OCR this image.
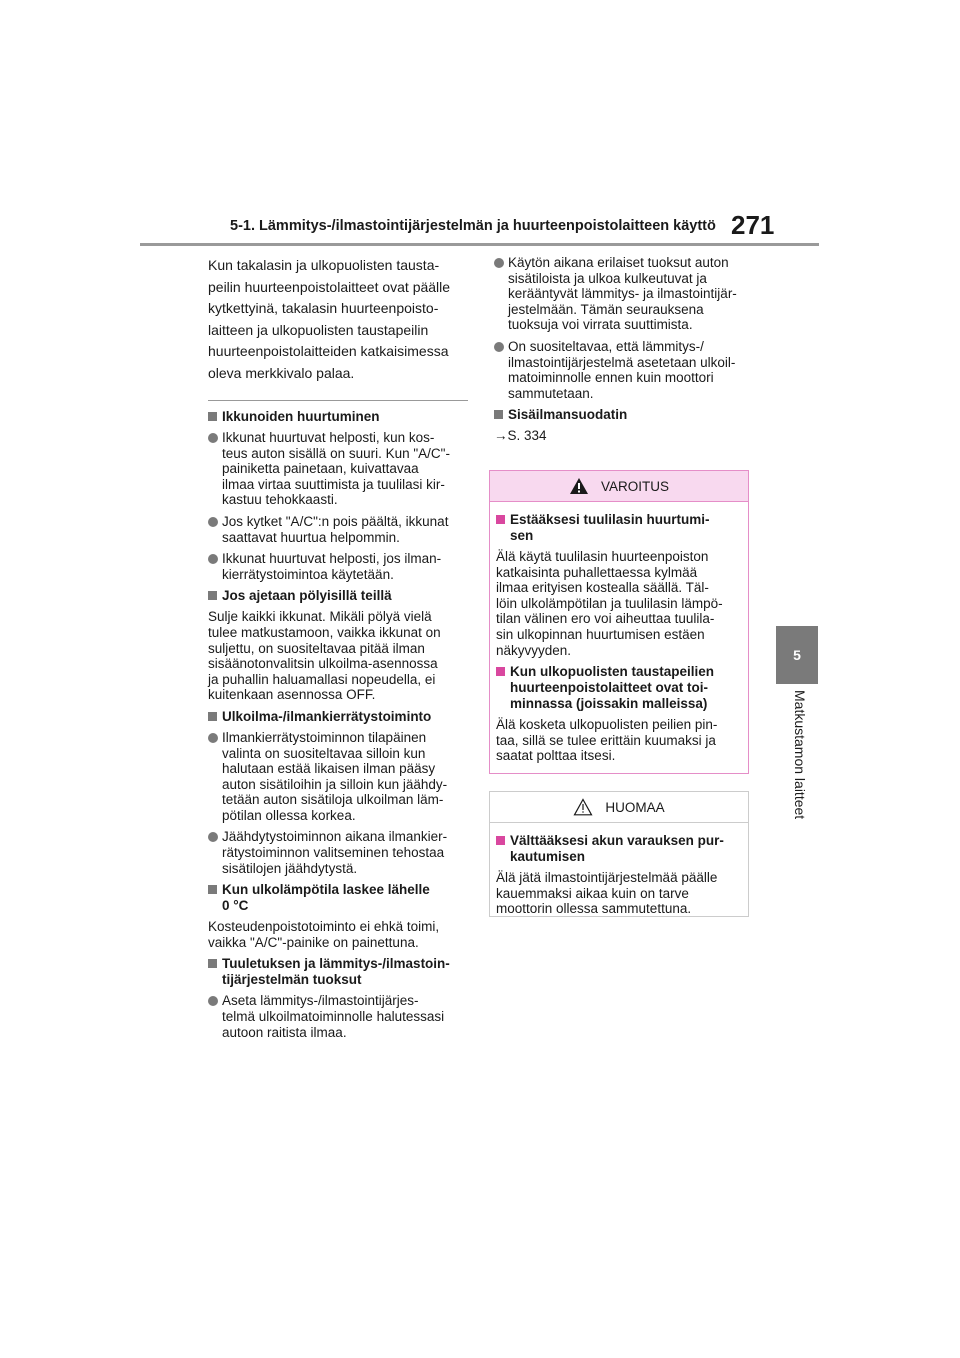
5-1. Lämmitys-/ilmastointijärjestelmän ja huurteenpoistolaitteen käyttö 271
5
Matkustamon laitteet
Kun takalasin ja ulkopuolisten tausta-
peilin huurteenpoistolaitteet ovat päälle
kytkettyinä, takalasin huurteenpoisto-
laitteen ja ulkopuolisten taustapeilin
huurteenpoistolaitteiden katkaisimessa
oleva merkkivalo palaa.
Ikkunoiden huurtuminen
Ikkunat huurtuvat helposti, kun kos-
teus auton sisällä on suuri. Kun "A/C"-
painiketta painetaan, kuivattavaa
ilmaa virtaa suuttimista ja tuulilasi kir-
kastuu tehokkaasti.
Jos kytket "A/C":n pois päältä, ikkunat
saattavat huurtua helpommin.
Ikkunat huurtuvat helposti, jos ilman-
kierrätystoimintoa käytetään.
Jos ajetaan pölyisillä teillä
Sulje kaikki ikkunat. Mikäli pölyä vielä
tulee matkustamoon, vaikka ikkunat on
suljettu, on suositeltavaa pitää ilman
sisäänotonvalitsin ulkoilma-asennossa
ja puhallin haluamallasi nopeudella, ei
kuitenkaan asennossa OFF.
Ulkoilma-/ilmankierrätystoiminto
Ilmankierrätystoiminnon tilapäinen
valinta on suositeltavaa silloin kun
halutaan estää likaisen ilman pääsy
auton sisätiloihin ja silloin kun jäähdy-
tetään auton sisätiloja ulkoilman läm-
pötilan ollessa korkea.
Jäähdytystoiminnon aikana ilmankier-
rätystoiminnon valitseminen tehostaa
sisätilojen jäähdytystä.
Kun ulkolämpötila laskee lähelle
0 °C
Kosteudenpoistotoiminto ei ehkä toimi,
vaikka "A/C"-painike on painettuna.
Tuuletuksen ja lämmitys-/ilmastoin-
tijärjestelmän tuoksut
Aseta lämmitys-/ilmastointijärjes-
telmä ulkoilmatoiminnolle halutessasi
autoon raitista ilmaa.
Käytön aikana erilaiset tuoksut auton
sisätiloista ja ulkoa kulkeutuvat ja
kerääntyvät lämmitys- ja ilmastointijär-
jestelmään. Tämän seurauksena
tuoksuja voi virrata suuttimista.
On suositeltavaa, että lämmitys-/
ilmastointijärjestelmä asetetaan ulkoil-
matoiminnolle ennen kuin moottori
sammutetaan.
Sisäilmansuodatin
→S. 334
VAROITUS
Estääksesi tuulilasin huurtumi-
sen
Älä käytä tuulilasin huurteenpoiston
katkaisinta puhallettaessa kylmää
ilmaa erityisen kostealla säällä. Täl-
löin ulkolämpötilan ja tuulilasin lämpö-
tilan välinen ero voi aiheuttaa tuulila-
sin ulkopinnan huurtumisen estäen
näkyvyyden.
Kun ulkopuolisten taustapeilien
huurteenpoistolaitteet ovat toi-
minnassa (joissakin malleissa)
Älä kosketa ulkopuolisten peilien pin-
taa, sillä se tulee erittäin kuumaksi ja
saatat polttaa itsesi.
HUOMAA
Välttääksesi akun varauksen pur-
kautumisen
Älä jätä ilmastointijärjestelmää päälle
kauemmaksi aikaa kuin on tarve
moottorin ollessa sammutettuna.
